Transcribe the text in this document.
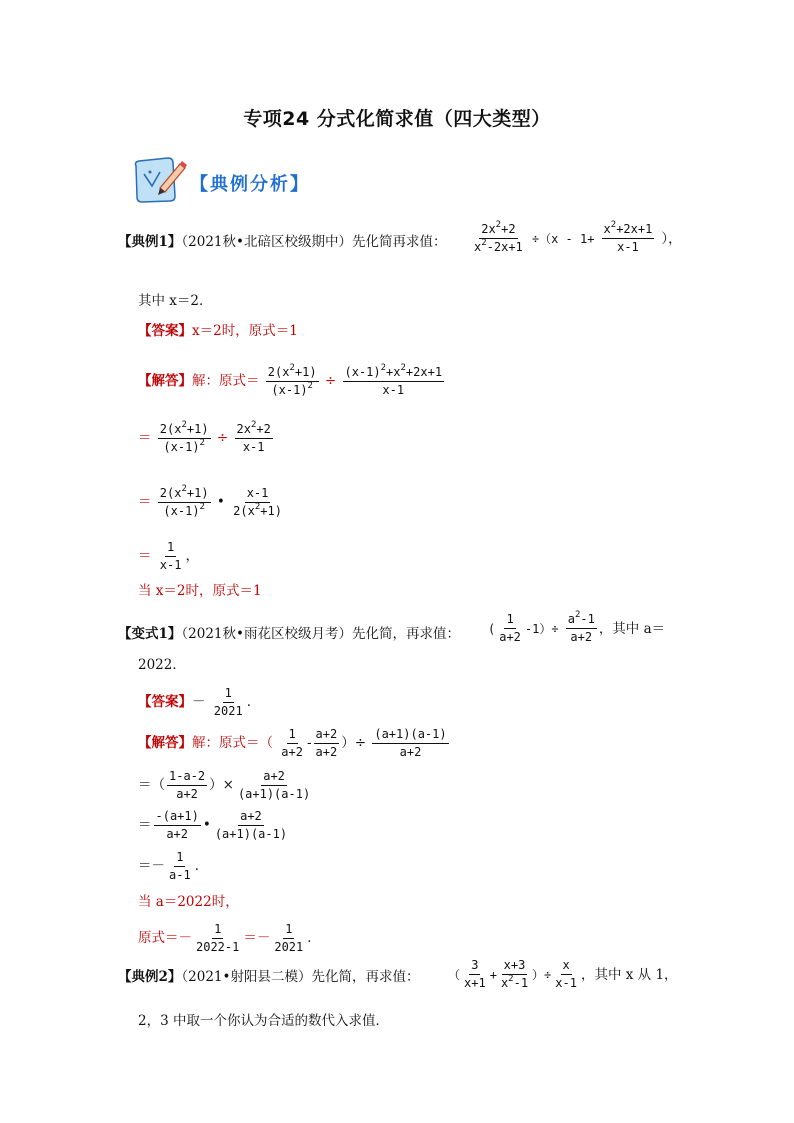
专项24 分式化简求值（四大类型）
【典例分析】
【典例1】（2021秋•北碚区校级期中）先化简再求值： $\frac{2x^2+2}{x^2-2x+1} \div(x - 1+ \frac{x^2+2x+1}{x-1}$ ），
其中 x＝2．
【答案】x＝2时，原式＝1
【解答】解：原式＝ $\frac{2(x^2+1)}{(x-1)^2} \div \frac{(x-1)^2+x^2+2x+1}{x-1}$
＝ $\frac{2(x^2+1)}{(x-1)^2} \div \frac{2x^2+2}{x-1}$
＝ $\frac{2(x^2+1)}{(x-1)^2}$ • $\frac{x-1}{2(x^2+1)}$
＝ $\frac{1}{x-1}$ ，
当 x＝2时，原式＝1
【变式1】（2021秋•雨花区校级月考）先化简，再求值： ( $\frac{1}{a+2} -1)\div \frac{a^2-1}{a+2}$ ，其中 a＝
2022．
【答案】－ $\frac{1}{2021}$ ．
【解答】解：原式＝（ $\frac{1}{a+2} - \frac{a+2}{a+2}$ ）÷ $\frac{(a+1)(a-1)}{a+2}$
＝（ $\frac{1-a-2}{a+2}$ ）× $\frac{a+2}{(a+1)(a-1)}$
＝ $\frac{-(a+1)}{a+2}$ • $\frac{a+2}{(a+1)(a-1)}$
＝－ $\frac{1}{a-1}$ ．
当 a＝2022时，
原式＝－ $\frac{1}{2022-1} =- \frac{1}{2021}$ ．
【典例2】（2021•射阳县二模）先化简，再求值： （ $\frac{3}{x+1} + \frac{x+3}{x^2-1}$ ）÷ $\frac{x}{x-1}$ ，其中 x 从 1，
2，3 中取一个你认为合适的数代入求值．
